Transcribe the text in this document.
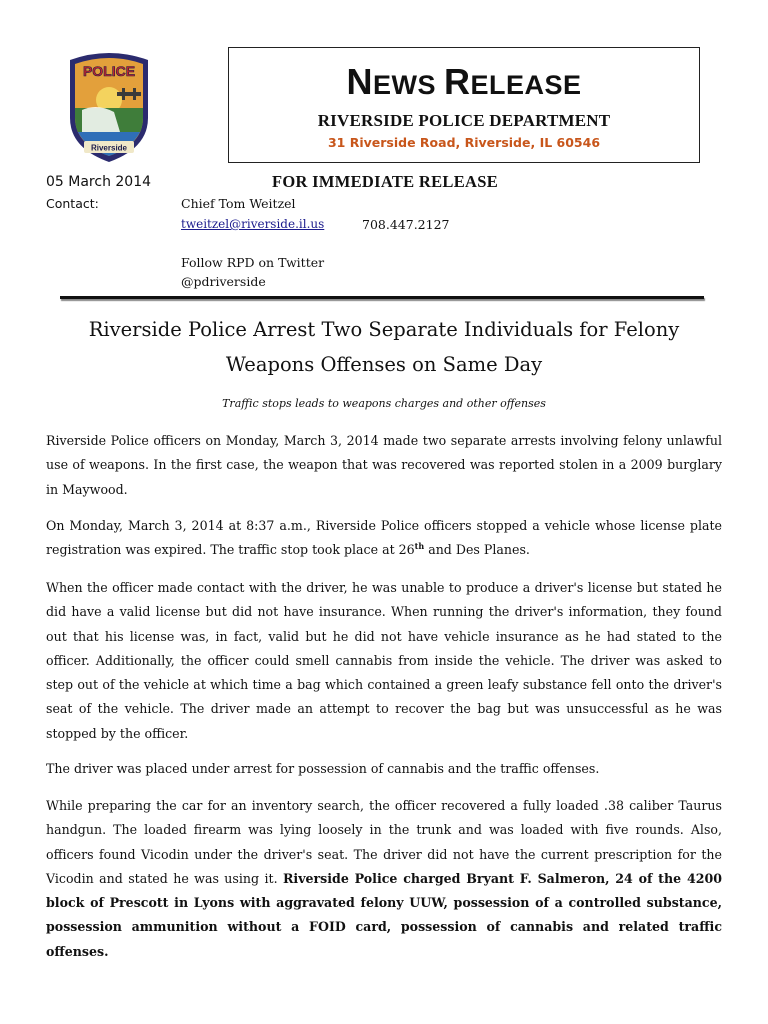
POLICE
Riverside
NEWS RELEASE
RIVERSIDE POLICE DEPARTMENT
31 Riverside Road, Riverside, IL 60546
05 March 2014	FOR IMMEDIATE RELEASE
Contact:	Chief Tom Weitzel
tweitzel@riverside.il.us	708.447.2127
Follow RPD on Twitter
@pdriverside
Riverside Police Arrest Two Separate Individuals for Felony
Weapons Offenses on Same Day
Traffic stops leads to weapons charges and other offenses

Riverside Police officers on Monday, March 3, 2014 made two separate arrests involving felony unlawful use of weapons. In the first case, the weapon that was recovered was reported stolen in a 2009 burglary in Maywood.

On Monday, March 3, 2014 at 8:37 a.m., Riverside Police officers stopped a vehicle whose license plate registration was expired. The traffic stop took place at 26th and Des Planes.

When the officer made contact with the driver, he was unable to produce a driver's license but stated he did have a valid license but did not have insurance. When running the driver's information, they found out that his license was, in fact, valid but he did not have vehicle insurance as he had stated to the officer. Additionally, the officer could smell cannabis from inside the vehicle. The driver was asked to step out of the vehicle at which time a bag which contained a green leafy substance fell onto the driver's seat of the vehicle. The driver made an attempt to recover the bag but was unsuccessful as he was stopped by the officer.

The driver was placed under arrest for possession of cannabis and the traffic offenses.

While preparing the car for an inventory search, the officer recovered a fully loaded .38 caliber Taurus handgun. The loaded firearm was lying loosely in the trunk and was loaded with five rounds. Also, officers found Vicodin under the driver's seat. The driver did not have the current prescription for the Vicodin and stated he was using it. Riverside Police charged Bryant F. Salmeron, 24 of the 4200 block of Prescott in Lyons with aggravated felony UUW, possession of a controlled substance, possession ammunition without a FOID card, possession of cannabis and related traffic offenses.
